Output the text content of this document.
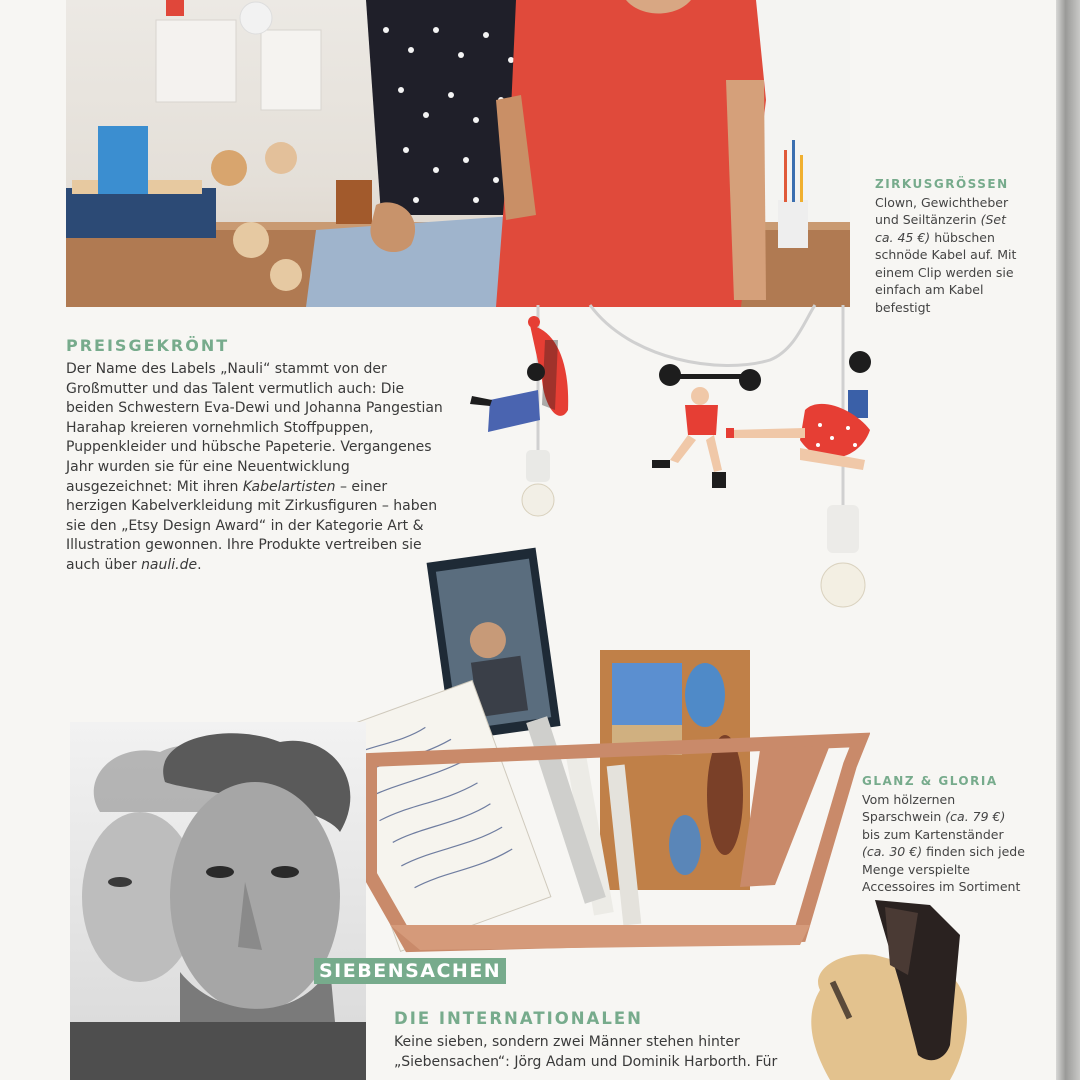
ZIRKUSGRÖSSEN
Clown, Gewichtheber und Seiltänzerin (Set ca. 45 €) hübschen schnöde Kabel auf. Mit einem Clip werden sie einfach am Kabel befestigt
PREISGEKRÖNT
Der Name des Labels „Nauli“ stammt von der Großmutter und das Talent vermutlich auch: Die beiden Schwestern Eva-Dewi und Johanna Pangestian Harahap kreieren vornehmlich Stoffpuppen, Puppenkleider und hübsche Papeterie. Vergangenes Jahr wurden sie für eine Neuentwicklung ausgezeichnet: Mit ihren Kabelartisten – einer herzigen Kabelverkleidung mit Zirkusfiguren – haben sie den „Etsy Design Award“ in der Kategorie Art & Illustration gewonnen. Ihre Produkte vertreiben sie auch über nauli.de.
GLANZ & GLORIA Vom hölzernen Sparschwein (ca. 79 €) bis zum Kartenständer (ca. 30 €) finden sich jede Menge verspielte Accessoires im Sortiment
SIEBENSACHEN
DIE INTERNATIONALEN
Keine sieben, sondern zwei Männer stehen hinter „Siebensachen“: Jörg Adam und Dominik Harborth. Für
